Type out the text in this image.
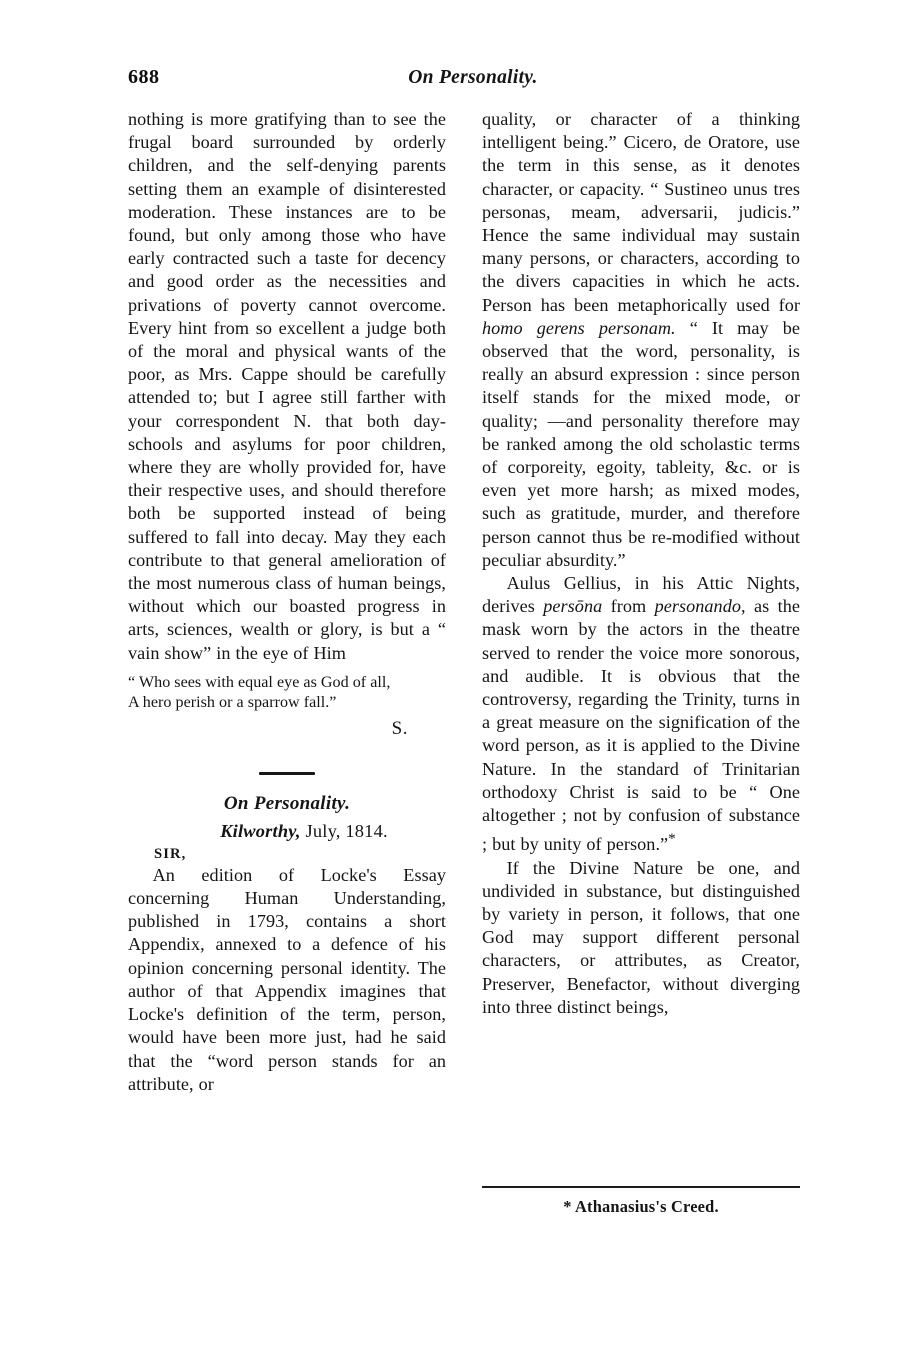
688	On Personality.

nothing is more gratifying than to see the frugal board surrounded by orderly children, and the self-denying parents setting them an example of disinterested moderation. These instances are to be found, but only among those who have early contracted such a taste for decency and good order as the necessities and privations of poverty cannot overcome. Every hint from so excellent a judge both of the moral and physical wants of the poor, as Mrs. Cappe should be carefully attended to; but I agree still farther with your correspondent N. that both day-schools and asylums for poor children, where they are wholly provided for, have their respective uses, and should therefore both be supported instead of being suffered to fall into decay. May they each contribute to that general amelioration of the most numerous class of human beings, without which our boasted progress in arts, sciences, wealth or glory, is but a “ vain show” in the eye of Him

“ Who sees with equal eye as God of all,
A hero perish or a sparrow fall.”
S.
On Personality.
Kilworthy, July, 1814.
SIR,

An edition of Locke's Essay concerning Human Understanding, published in 1793, contains a short Appendix, annexed to a defence of his opinion concerning personal identity. The author of that Appendix imagines that Locke's definition of the term, person, would have been more just, had he said that the “word person stands for an attribute, or

quality, or character of a thinking intelligent being.” Cicero, de Oratore, use the term in this sense, as it denotes character, or capacity. “ Sustineo unus tres personas, meam, adversarii, judicis.” Hence the same individual may sustain many persons, or characters, according to the divers capacities in which he acts. Person has been metaphorically used for homo gerens personam. “ It may be observed that the word, personality, is really an absurd expression : since person itself stands for the mixed mode, or quality; —and personality therefore may be ranked among the old scholastic terms of corporeity, egoity, tableity, &c. or is even yet more harsh; as mixed modes, such as gratitude, murder, and therefore person cannot thus be re-modified without peculiar absurdity.”

Aulus Gellius, in his Attic Nights, derives persōna from personando, as the mask worn by the actors in the theatre served to render the voice more sonorous, and audible. It is obvious that the controversy, regarding the Trinity, turns in a great measure on the signification of the word person, as it is applied to the Divine Nature. In the standard of Trinitarian orthodoxy Christ is said to be “ One altogether ; not by confusion of substance ; but by unity of person.”*

If the Divine Nature be one, and undivided in substance, but distinguished by variety in person, it follows, that one God may support different personal characters, or attributes, as Creator, Preserver, Benefactor, without diverging into three distinct beings,

* Athanasius's Creed.
